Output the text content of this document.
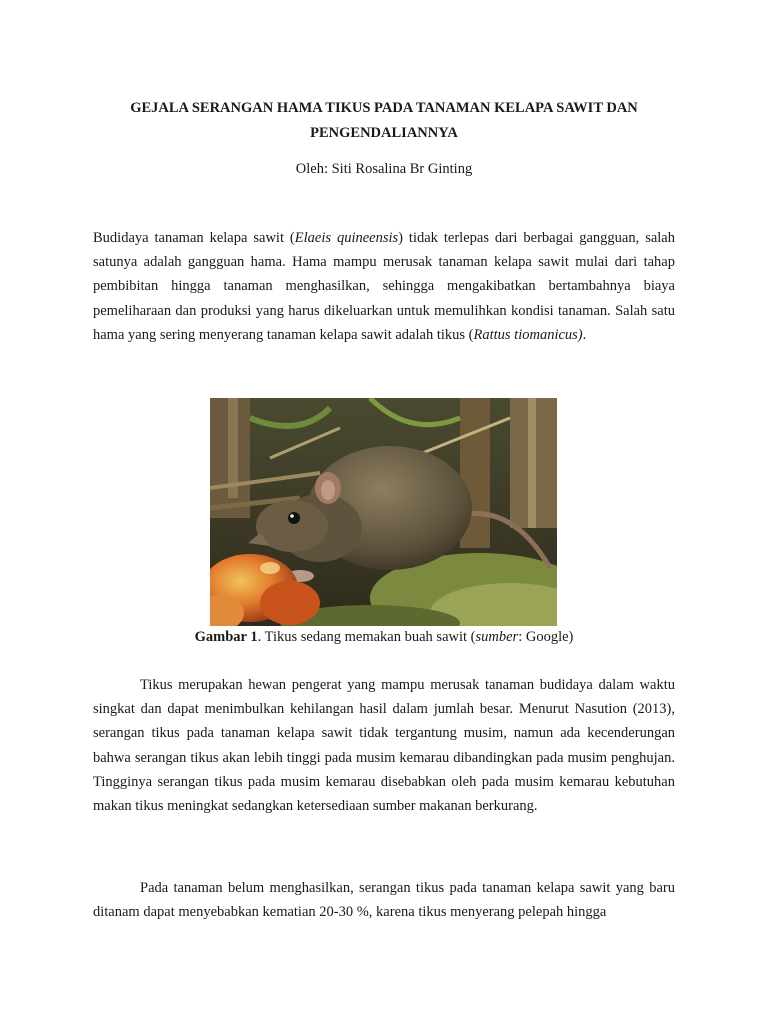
GEJALA SERANGAN HAMA TIKUS PADA TANAMAN KELAPA SAWIT DAN
PENGENDALIANNYA
Oleh: Siti Rosalina Br Ginting

Budidaya tanaman kelapa sawit (Elaeis quineensis) tidak terlepas dari berbagai gangguan, salah satunya adalah gangguan hama. Hama mampu merusak tanaman kelapa sawit mulai dari tahap pembibitan hingga tanaman menghasilkan, sehingga mengakibatkan bertambahnya biaya pemeliharaan dan produksi yang harus dikeluarkan untuk memulihkan kondisi tanaman. Salah satu hama yang sering menyerang tanaman kelapa sawit adalah tikus (Rattus tiomanicus).

Gambar 1. Tikus sedang memakan buah sawit (sumber: Google)

Tikus merupakan hewan pengerat yang mampu merusak tanaman budidaya dalam waktu singkat dan dapat menimbulkan kehilangan hasil dalam jumlah besar. Menurut Nasution (2013), serangan tikus pada tanaman kelapa sawit tidak tergantung musim, namun ada kecenderungan bahwa serangan tikus akan lebih tinggi pada musim kemarau dibandingkan pada musim penghujan. Tingginya serangan tikus pada musim kemarau disebabkan oleh pada musim kemarau kebutuhan makan tikus meningkat sedangkan ketersediaan sumber makanan berkurang.

Pada tanaman belum menghasilkan, serangan tikus pada tanaman kelapa sawit yang baru ditanam dapat menyebabkan kematian 20-30 %, karena tikus menyerang pelepah hingga
